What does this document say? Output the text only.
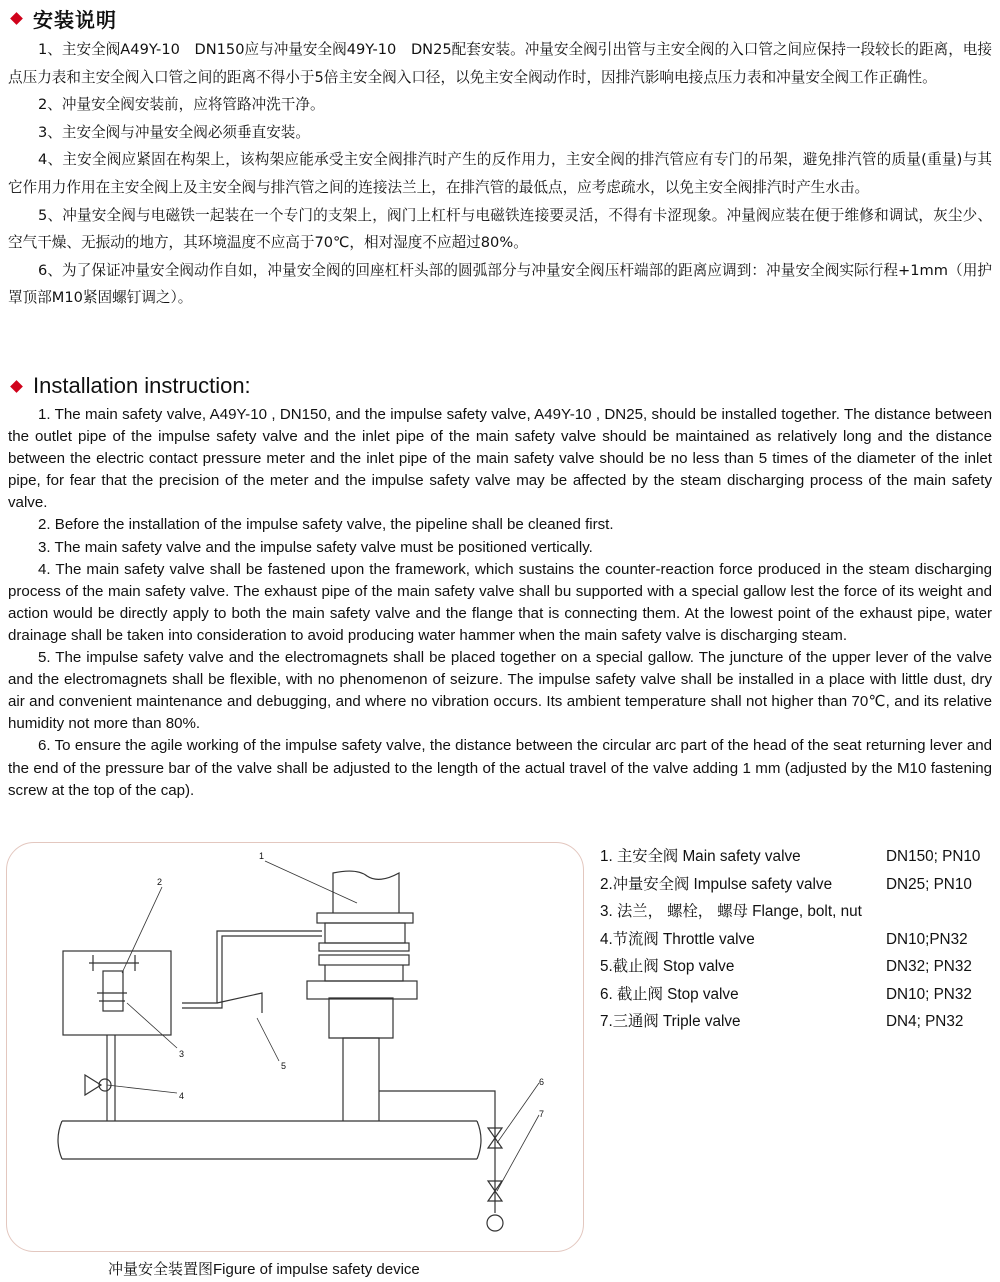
安装说明

1、主安全阀A49Y-10　DN150应与冲量安全阀49Y-10　DN25配套安装。冲量安全阀引出管与主安全阀的入口管之间应保持一段较长的距离，电接点压力表和主安全阀入口管之间的距离不得小于5倍主安全阀入口径，以免主安全阀动作时，因排汽影响电接点压力表和冲量安全阀工作正确性。

2、冲量安全阀安装前，应将管路冲洗干净。

3、主安全阀与冲量安全阀必须垂直安装。

4、主安全阀应紧固在构架上，该构架应能承受主安全阀排汽时产生的反作用力，主安全阀的排汽管应有专门的吊架，避免排汽管的质量(重量)与其它作用力作用在主安全阀上及主安全阀与排汽管之间的连接法兰上，在排汽管的最低点，应考虑疏水，以免主安全阀排汽时产生水击。

5、冲量安全阀与电磁铁一起装在一个专门的支架上，阀门上杠杆与电磁铁连接要灵活，不得有卡涩现象。冲量阀应装在便于维修和调试，灰尘少、空气干燥、无振动的地方，其环境温度不应高于70℃，相对湿度不应超过80%。

6、为了保证冲量安全阀动作自如，冲量安全阀的回座杠杆头部的圆弧部分与冲量安全阀压杆端部的距离应调到：冲量安全阀实际行程+1mm（用护罩顶部M10紧固螺钉调之）。

Installation instruction:

1. The main safety valve, A49Y-10 , DN150, and the impulse safety valve, A49Y-10 , DN25, should be installed together. The distance between the outlet pipe of the impulse safety valve and the inlet pipe of the main safety valve should be maintained as relatively long and the distance between the electric contact pressure meter and the inlet pipe of the main safety valve should be no less than 5 times of the diameter of the inlet pipe, for fear that the precision of the meter and the impulse safety valve may be affected by the steam discharging process of the main safety valve.

2. Before the installation of the impulse safety valve, the pipeline shall be cleaned first.

3. The main safety valve and the impulse safety valve must be positioned vertically.

4. The main safety valve shall be fastened upon the framework, which sustains the counter-reaction force produced in the steam discharging process of the main safety valve. The exhaust pipe of the main safety valve shall bu supported with a special gallow lest the force of its weight and action would be directly apply to both the main safety valve and the flange that is connecting them. At the lowest point of the exhaust pipe, water drainage shall be taken into consideration to avoid producing water hammer when the main safety valve is discharging steam.

5. The impulse safety valve and the electromagnets shall be placed together on a special gallow. The juncture of the upper lever of the valve and the electromagnets shall be flexible, with no phenomenon of seizure. The impulse safety valve shall be installed in a place with little dust, dry air and convenient maintenance and debugging, and where no vibration occurs. Its ambient temperature shall not higher than 70℃, and its relative humidity not more than 80%.

6. To ensure the agile working of the impulse safety valve, the distance between the circular arc part of the head of the seat returning lever and the end of the pressure bar of the valve shall be adjusted to the length of the actual travel of the valve adding 1 mm (adjusted by the M10 fastening screw at the top of the cap).

1
2
3
4
5
6
7
冲量安全装置图Figure of impulse safety device
1. 主安全阀 Main safety valve	DN150; PN10
2.冲量安全阀 Impulse safety valve	DN25; PN10
3. 法兰， 螺栓， 螺母 Flange, bolt, nut
4.节流阀 Throttle valve	DN10;PN32
5.截止阀 Stop valve	DN32; PN32
6. 截止阀 Stop valve	DN10; PN32
7.三通阀 Triple valve	DN4; PN32
